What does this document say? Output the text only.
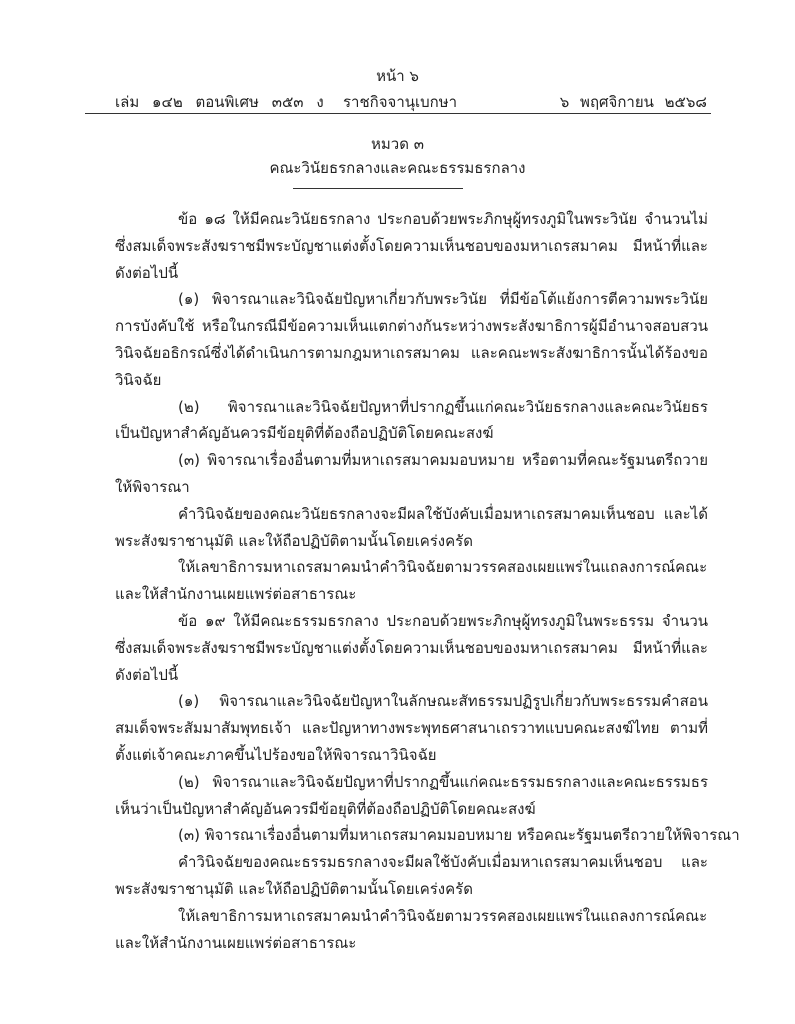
หน้า ๖
เล่ม ๑๔๒ ตอนพิเศษ ๓๕๓ ง ราชกิจจานุเบกษา	๖ พฤศจิกายน ๒๕๖๘
หมวด ๓
คณะวินัยธรกลางและคณะธรรมธรกลาง
ข้อ ๑๘ ให้มีคณะวินัยธรกลาง ประกอบด้วยพระภิกษุผู้ทรงภูมิในพระวินัย จำนวนไม่
ซึ่งสมเด็จพระสังฆราชมีพระบัญชาแต่งตั้งโดยความเห็นชอบของมหาเถรสมาคม มีหน้าที่และ
ดังต่อไปนี้
(๑) พิจารณาและวินิจฉัยปัญหาเกี่ยวกับพระวินัย ที่มีข้อโต้แย้งการตีความพระวินัย
การบังคับใช้ หรือในกรณีมีข้อความเห็นแตกต่างกันระหว่างพระสังฆาธิการผู้มีอำนาจสอบสวน
วินิจฉัยอธิกรณ์ซึ่งได้ดำเนินการตามกฎมหาเถรสมาคม และคณะพระสังฆาธิการนั้นได้ร้องขอ
วินิจฉัย
(๒) พิจารณาและวินิจฉัยปัญหาที่ปรากฏขึ้นแก่คณะวินัยธรกลางและคณะวินัยธร
เป็นปัญหาสำคัญอันควรมีข้อยุติที่ต้องถือปฏิบัติโดยคณะสงฆ์
(๓) พิจารณาเรื่องอื่นตามที่มหาเถรสมาคมมอบหมาย หรือตามที่คณะรัฐมนตรีถวาย
ให้พิจารณา
คำวินิจฉัยของคณะวินัยธรกลางจะมีผลใช้บังคับเมื่อมหาเถรสมาคมเห็นชอบ และได้
พระสังฆราชานุมัติ และให้ถือปฏิบัติตามนั้นโดยเคร่งครัด
ให้เลขาธิการมหาเถรสมาคมนำคำวินิจฉัยตามวรรคสองเผยแพร่ในแถลงการณ์คณะ
และให้สำนักงานเผยแพร่ต่อสาธารณะ
ข้อ ๑๙ ให้มีคณะธรรมธรกลาง ประกอบด้วยพระภิกษุผู้ทรงภูมิในพระธรรม จำนวน
ซึ่งสมเด็จพระสังฆราชมีพระบัญชาแต่งตั้งโดยความเห็นชอบของมหาเถรสมาคม มีหน้าที่และ
ดังต่อไปนี้
(๑) พิจารณาและวินิจฉัยปัญหาในลักษณะสัทธรรมปฏิรูปเกี่ยวกับพระธรรมคำสอน
สมเด็จพระสัมมาสัมพุทธเจ้า และปัญหาทางพระพุทธศาสนาเถรวาทแบบคณะสงฆ์ไทย ตามที่
ตั้งแต่เจ้าคณะภาคขึ้นไปร้องขอให้พิจารณาวินิจฉัย
(๒) พิจารณาและวินิจฉัยปัญหาที่ปรากฏขึ้นแก่คณะธรรมธรกลางและคณะธรรมธร
เห็นว่าเป็นปัญหาสำคัญอันควรมีข้อยุติที่ต้องถือปฏิบัติโดยคณะสงฆ์
(๓) พิจารณาเรื่องอื่นตามที่มหาเถรสมาคมมอบหมาย หรือคณะรัฐมนตรีถวายให้พิจารณา
คำวินิจฉัยของคณะธรรมธรกลางจะมีผลใช้บังคับเมื่อมหาเถรสมาคมเห็นชอบ และ
พระสังฆราชานุมัติ และให้ถือปฏิบัติตามนั้นโดยเคร่งครัด
ให้เลขาธิการมหาเถรสมาคมนำคำวินิจฉัยตามวรรคสองเผยแพร่ในแถลงการณ์คณะ
และให้สำนักงานเผยแพร่ต่อสาธารณะ
